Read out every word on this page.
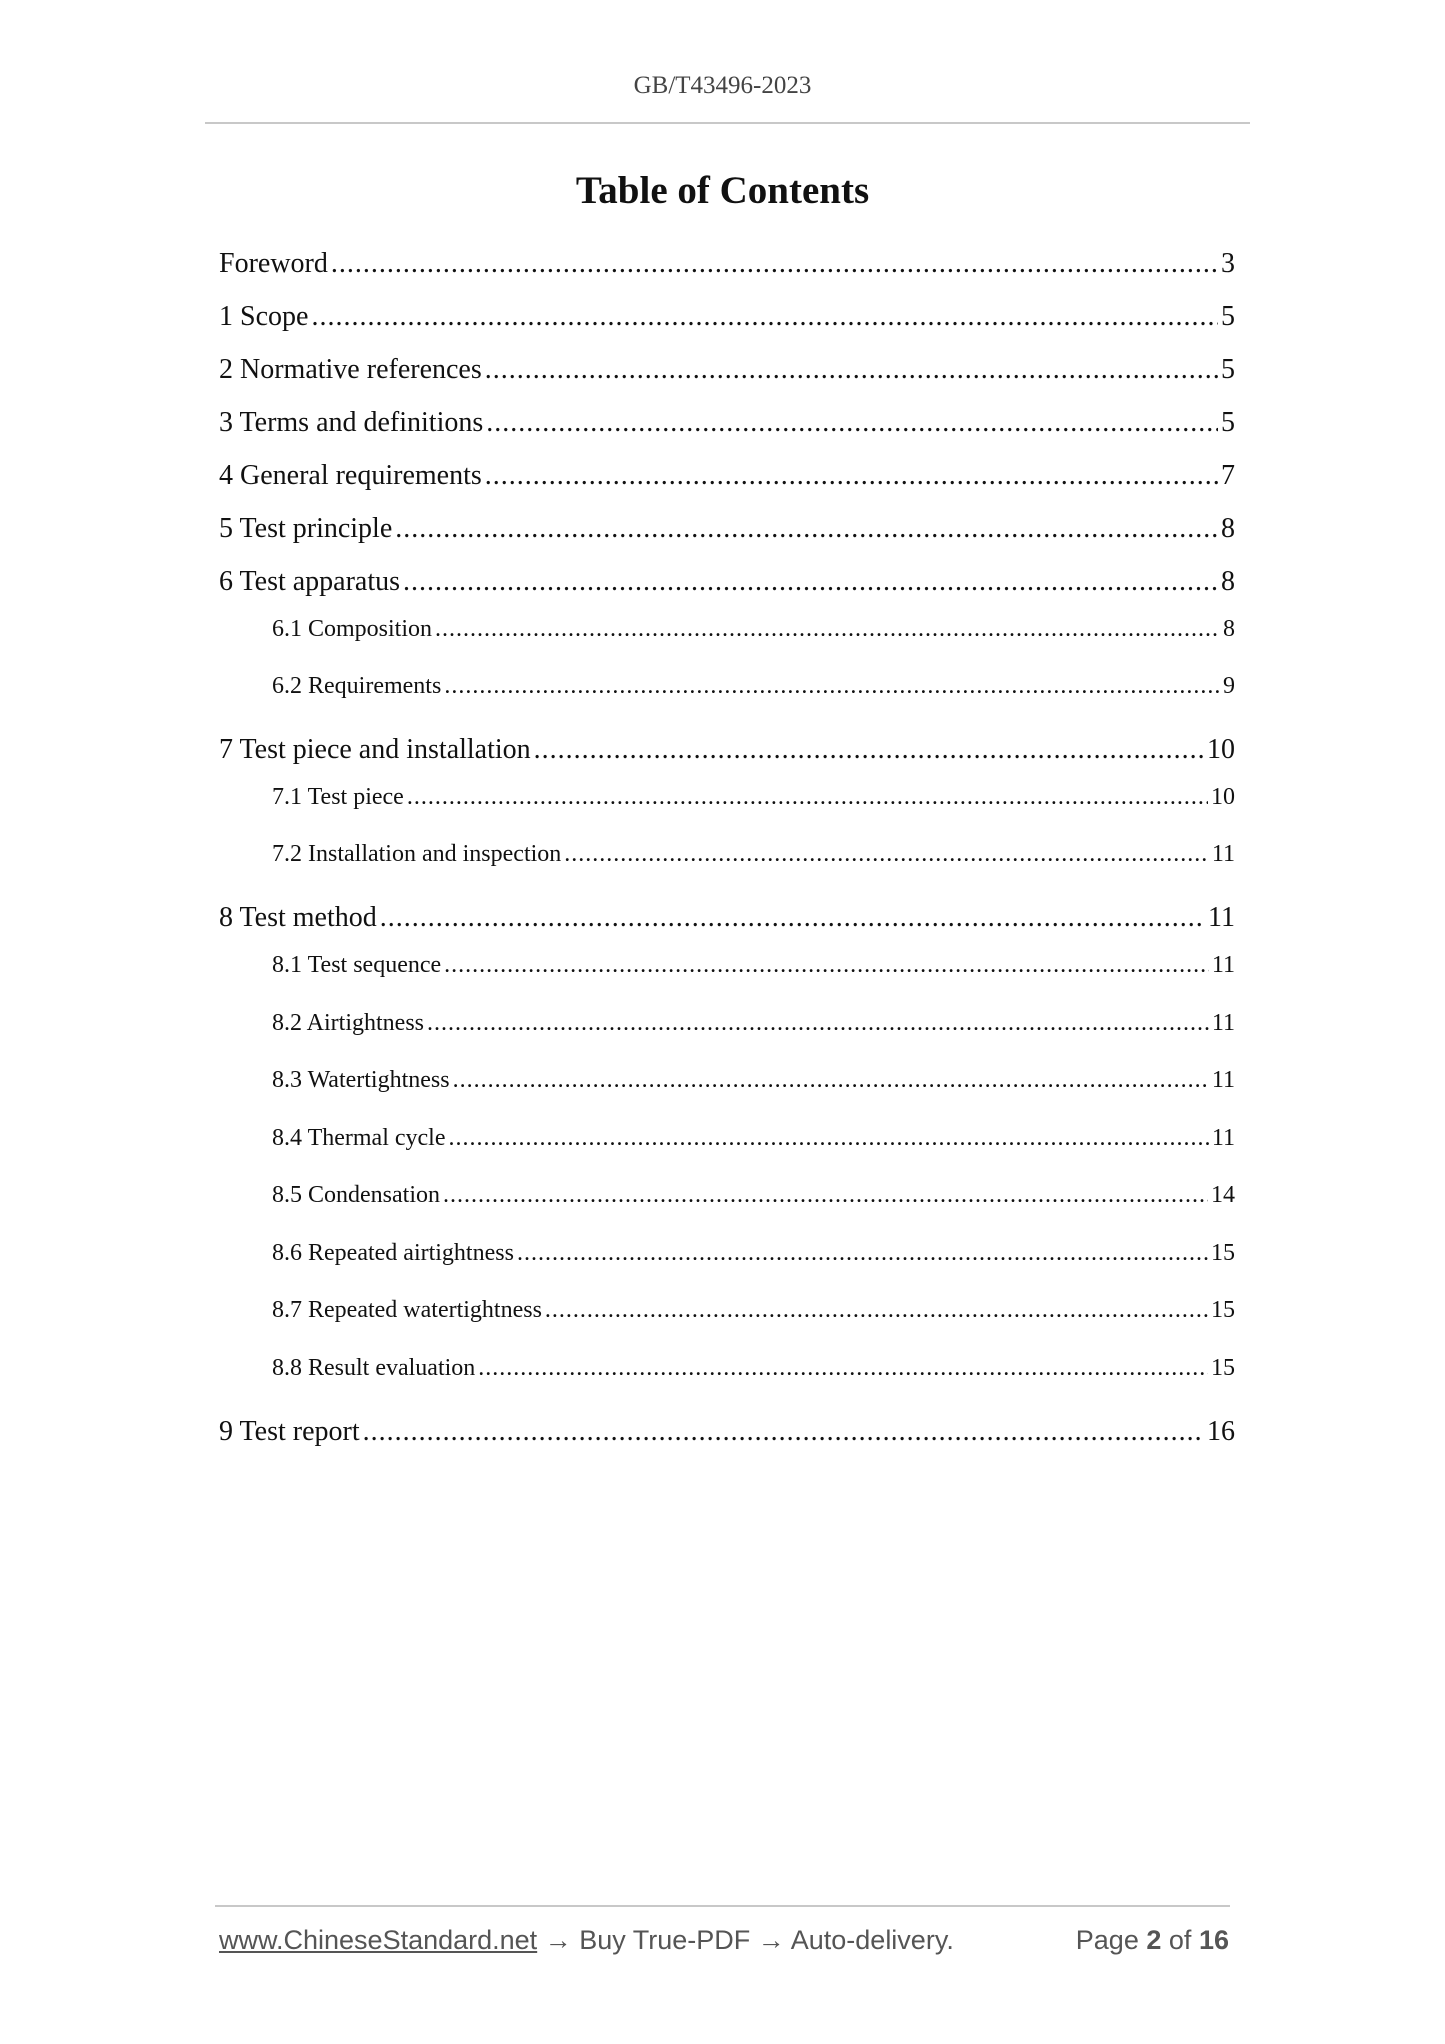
GB/T43496-2023
Table of Contents
Foreword .....	3
1 Scope .....	5
2 Normative references .....	5
3 Terms and definitions .....	5
4 General requirements .....	7
5 Test principle .....	8
6 Test apparatus .....	8
6.1 Composition .....	8
6.2 Requirements .....	9
7 Test piece and installation .....	10
7.1 Test piece .....	10
7.2 Installation and inspection .....	11
8 Test method .....	11
8.1 Test sequence .....	11
8.2 Airtightness .....	11
8.3 Watertightness .....	11
8.4 Thermal cycle .....	11
8.5 Condensation .....	14
8.6 Repeated airtightness .....	15
8.7 Repeated watertightness .....	15
8.8 Result evaluation .....	15
9 Test report .....	16
www.ChineseStandard.net → Buy True-PDF → Auto-delivery.	Page 2 of 16
